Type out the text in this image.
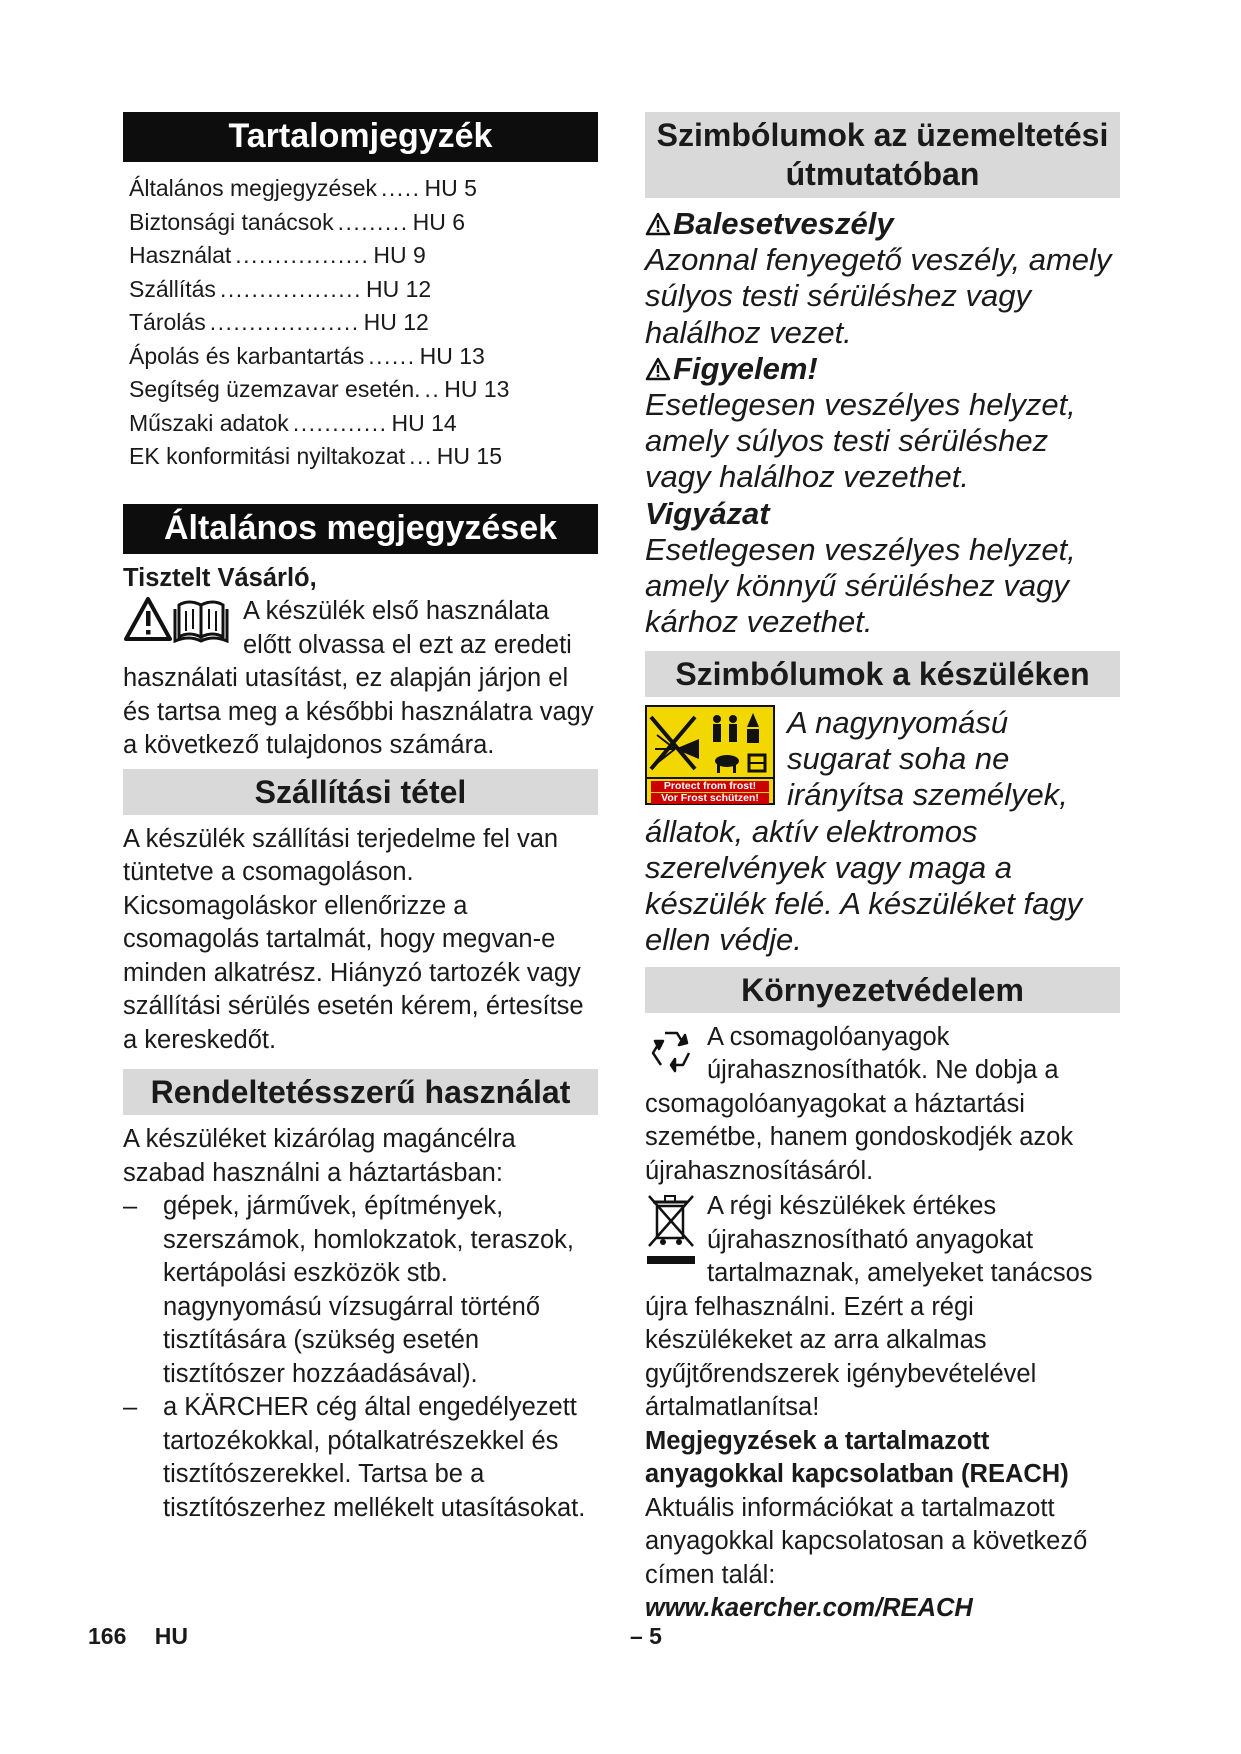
Tartalomjegyzék
Általános megjegyzések ..... HU 5
Biztonsági tanácsok ......... HU 6
Használat ................. HU 9
Szállítás .................. HU 12
Tárolás ................... HU 12
Ápolás és karbantartás ...... HU 13
Segítség üzemzavar esetén. .. HU 13
Műszaki adatok ............ HU 14
EK konformitási nyiltakozat ... HU 15
Általános megjegyzések

Tisztelt Vásárló,

A készülék első használata előtt olvassa el ezt az eredeti használati utasítást, ez alapján járjon el és tartsa meg a későbbi használatra vagy a következő tulajdonos számára.

Szállítási tétel

A készülék szállítási terjedelme fel van tüntetve a csomagoláson. Kicsomagoláskor ellenőrizze a csomagolás tartalmát, hogy megvan-e minden alkatrész. Hiányzó tartozék vagy szállítási sérülés esetén kérem, értesítse a kereskedőt.

Rendeltetésszerű használat

A készüléket kizárólag magáncélra szabad használni a háztartásban:

–	gépek, járművek, építmények, szerszámok, homlokzatok, teraszok, kertápolási eszközök stb. nagynyomású vízsugárral történő tisztítására (szükség esetén tisztítószer hozzáadásával).
–	a KÄRCHER cég által engedélyezett tartozékokkal, pótalkatrészekkel és tisztítószerekkel. Tartsa be a tisztítószerhez mellékelt utasításokat.
Szimbólumok az üzemeltetési útmutatóban
Balesetveszély

Azonnal fenyegető veszély, amely súlyos testi sérüléshez vagy halálhoz vezet.

Figyelem!

Esetlegesen veszélyes helyzet, amely súlyos testi sérüléshez vagy halálhoz vezethet.

Vigyázat

Esetlegesen veszélyes helyzet, amely könnyű sérüléshez vagy kárhoz vezethet.

Szimbólumok a készüléken
Protect from frost!
Vor Frost schützen!

A nagynyomású sugarat soha ne irányítsa személyek, állatok, aktív elektromos szerelvények vagy maga a készülék felé. A készüléket fagy ellen védje.

Környezetvédelem

A csomagolóanyagok újrahasznosíthatók. Ne dobja a csomagolóanyagokat a háztartási szemétbe, hanem gondoskodjék azok újrahasznosításáról.

A régi készülékek értékes újrahasznosítható anyagokat tartalmaznak, amelyeket tanácsos újra felhasználni. Ezért a régi készülékeket az arra alkalmas gyűjtőrendszerek igénybevételével ártalmatlanítsa!

Megjegyzések a tartalmazott anyagokkal kapcsolatban (REACH)

Aktuális információkat a tartalmazott anyagokkal kapcsolatosan a következő címen talál:

www.kaercher.com/REACH

166 HU	– 5
